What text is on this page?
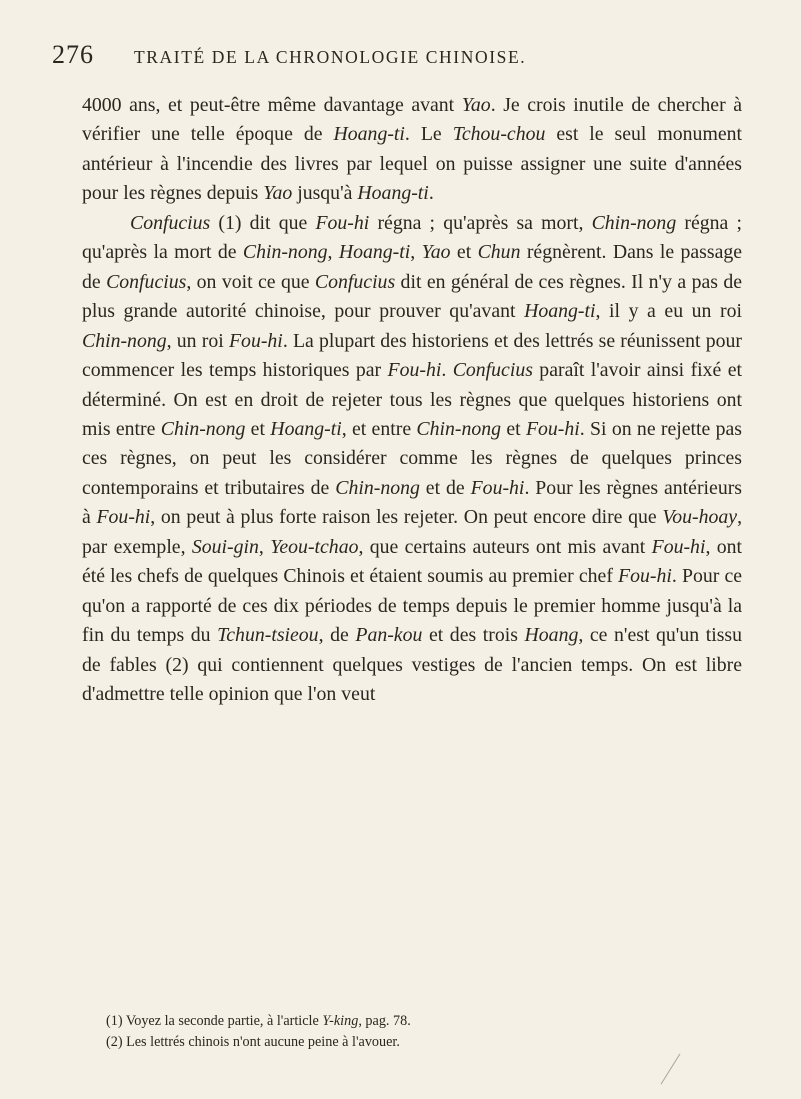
276 TRAITÉ DE LA CHRONOLOGIE CHINOISE.

4000 ans, et peut-être même davantage avant Yao. Je crois inutile de chercher à vérifier une telle époque de Hoang-ti. Le Tchou-chou est le seul monument antérieur à l'incendie des livres par lequel on puisse assigner une suite d'années pour les règnes depuis Yao jusqu'à Hoang-ti.

Confucius (1) dit que Fou-hi régna ; qu'après sa mort, Chin-nong régna ; qu'après la mort de Chin-nong, Hoang-ti, Yao et Chun régnèrent. Dans le passage de Confucius, on voit ce que Confucius dit en général de ces règnes. Il n'y a pas de plus grande autorité chinoise, pour prouver qu'avant Hoang-ti, il y a eu un roi Chin-nong, un roi Fou-hi. La plupart des historiens et des lettrés se réunissent pour commencer les temps historiques par Fou-hi. Confucius paraît l'avoir ainsi fixé et déterminé. On est en droit de rejeter tous les règnes que quelques historiens ont mis entre Chin-nong et Hoang-ti, et entre Chin-nong et Fou-hi. Si on ne rejette pas ces règnes, on peut les considérer comme les règnes de quelques princes contemporains et tributaires de Chin-nong et de Fou-hi. Pour les règnes antérieurs à Fou-hi, on peut à plus forte raison les rejeter. On peut encore dire que Vou-hoay, par exemple, Soui-gin, Yeou-tchao, que certains auteurs ont mis avant Fou-hi, ont été les chefs de quelques Chinois et étaient soumis au premier chef Fou-hi. Pour ce qu'on a rapporté de ces dix périodes de temps depuis le premier homme jusqu'à la fin du temps du Tchun-tsieou, de Pan-kou et des trois Hoang, ce n'est qu'un tissu de fables (2) qui contiennent quelques vestiges de l'ancien temps. On est libre d'admettre telle opinion que l'on veut

(1) Voyez la seconde partie, à l'article Y-king, pag. 78.
(2) Les lettrés chinois n'ont aucune peine à l'avouer.
